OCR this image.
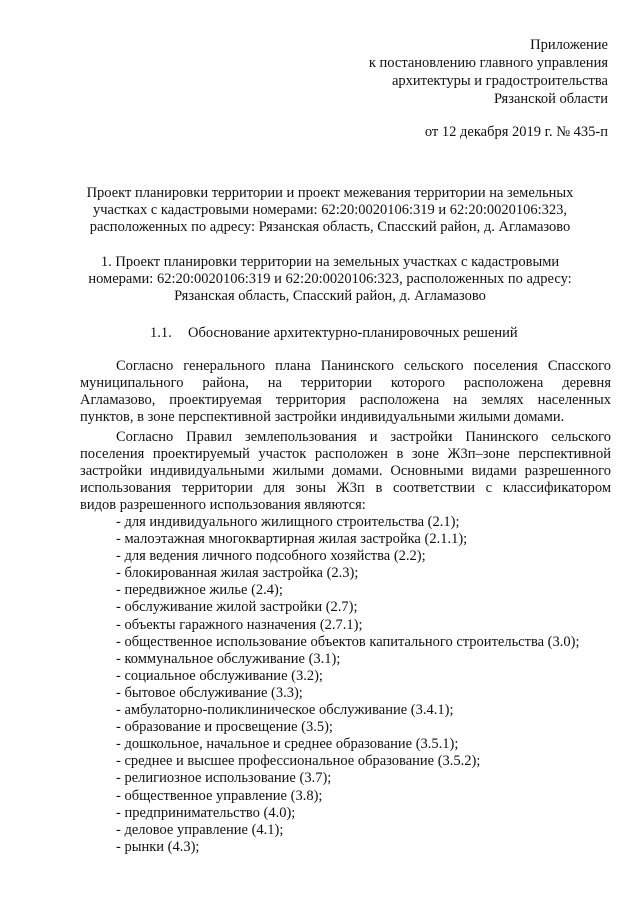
Приложение
к постановлению главного управления
архитектуры и градостроительства
Рязанской области
от 12 декабря 2019 г. № 435-п
Проект планировки территории и проект межевания территории на земельных
участках с кадастровыми номерами: 62:20:0020106:319 и 62:20:0020106:323,
расположенных по адресу: Рязанская область, Спасский район, д. Агламазово
1. Проект планировки территории на земельных участках с кадастровыми
номерами: 62:20:0020106:319 и 62:20:0020106:323, расположенных по адресу:
Рязанская область, Спасский район, д. Агламазово
1.1. Обоснование архитектурно-планировочных решений
Согласно генерального плана Панинского сельского поселения Спасского
муниципального района, на территории которого расположена деревня
Агламазово, проектируемая территория расположена на землях населенных
пунктов, в зоне перспективной застройки индивидуальными жилыми домами.
Согласно Правил землепользования и застройки Панинского сельского
поселения проектируемый участок расположен в зоне Ж3п–зоне перспективной
застройки индивидуальными жилыми домами. Основными видами разрешенного
использования территории для зоны Ж3п в соответствии с классификатором
видов разрешенного использования являются:
- для индивидуального жилищного строительства (2.1);
- малоэтажная многоквартирная жилая застройка (2.1.1);
- для ведения личного подсобного хозяйства (2.2);
- блокированная жилая застройка (2.3);
- передвижное жилье (2.4);
- обслуживание жилой застройки (2.7);
- объекты гаражного назначения (2.7.1);
- общественное использование объектов капитального строительства (3.0);
- коммунальное обслуживание (3.1);
- социальное обслуживание (3.2);
- бытовое обслуживание (3.3);
- амбулаторно-поликлиническое обслуживание (3.4.1);
- образование и просвещение (3.5);
- дошкольное, начальное и среднее образование (3.5.1);
- среднее и высшее профессиональное образование (3.5.2);
- религиозное использование (3.7);
- общественное управление (3.8);
- предпринимательство (4.0);
- деловое управление (4.1);
- рынки (4.3);
